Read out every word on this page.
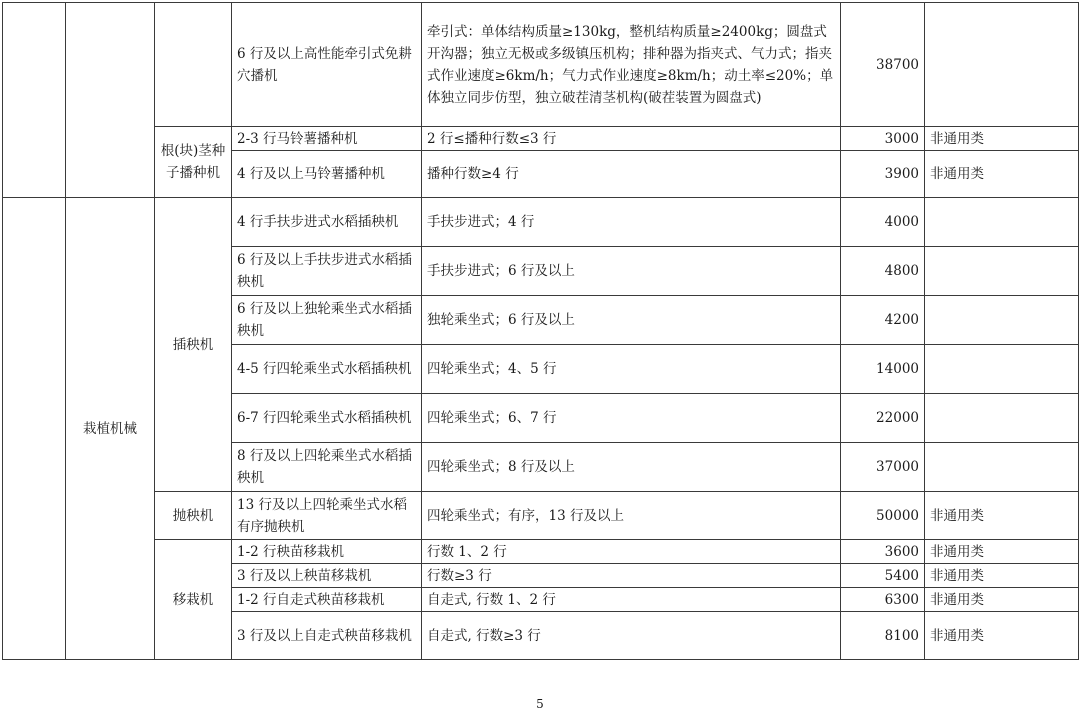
			6 行及以上高性能牵引式免耕穴播机	牵引式：单体结构质量≥130kg，整机结构质量≥2400kg；圆盘式开沟器；独立无极或多级镇压机构；排种器为指夹式、气力式；指夹式作业速度≥6km/h；气力式作业速度≥8km/h；动土率≤20%；单体独立同步仿型，独立破茬清茎机构(破茬装置为圆盘式)	38700	
		根(块)茎种子播种机	2-3 行马铃薯播种机	2 行≤播种行数≤3 行	3000	非通用类
			4 行及以上马铃薯播种机	播种行数≥4 行	3900	非通用类
	栽植机械	插秧机	4 行手扶步进式水稻插秧机	手扶步进式；4 行	4000	
			6 行及以上手扶步进式水稻插秧机	手扶步进式；6 行及以上	4800	
			6 行及以上独轮乘坐式水稻插秧机	独轮乘坐式；6 行及以上	4200	
			4-5 行四轮乘坐式水稻插秧机	四轮乘坐式；4、5 行	14000	
			6-7 行四轮乘坐式水稻插秧机	四轮乘坐式；6、7 行	22000	
			8 行及以上四轮乘坐式水稻插秧机	四轮乘坐式；8 行及以上	37000	
		抛秧机	13 行及以上四轮乘坐式水稻有序抛秧机	四轮乘坐式；有序，13 行及以上	50000	非通用类
		移栽机	1-2 行秧苗移栽机	行数 1、2 行	3600	非通用类
			3 行及以上秧苗移栽机	行数≥3 行	5400	非通用类
			1-2 行自走式秧苗移栽机	自走式, 行数 1、2 行	6300	非通用类
			3 行及以上自走式秧苗移栽机	自走式, 行数≥3 行	8100	非通用类
5
